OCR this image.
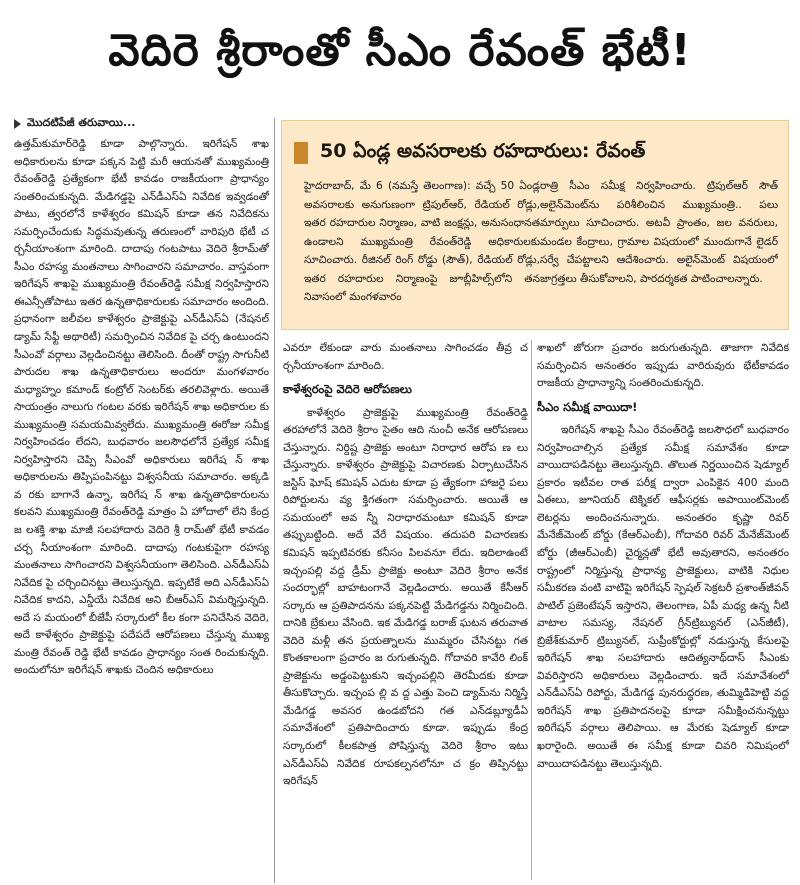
వెదిరె శ్రీరాంతో సీఎం రేవంత్ భేటీ!
మొదటిపేజీ తరువాయి...

ఉత్తమ్‌కుమార్‌రెడ్డి కూడా పాల్గొన్నారు. ఇరిగేషన్ శాఖ అధికారులను కూడా పక్కన పెట్టి మరీ ఆయనతో ముఖ్యమంత్రి రేవంత్‌రెడ్డి ప్రత్యేకంగా భేటీ కావడం రాజకీయంగా ప్రాధాన్యం సంతరించుకున్నది. మేడిగడ్డపై ఎన్‌డీఎస్ఏ నివేదిక ఇవ్వడంతో పాటు, త్వరలోనే కాళేశ్వరం కమిషన్ కూడా తన నివేదికను సమర్పించేందుకు సిద్ధమవుతున్న తరుణంలో వారిపురి భేటీ చ ర్చనీయాంశంగా మారింది. దాదాపు గంటపాటు వెదిరె శ్రీరామ్‌తో సీఎం రహస్య మంతనాలు సాగించారని సమాచారం. వాస్తవంగా ఇరిగేషన్ శాఖపై ముఖ్యమంత్రి రేవంత్‌రెడ్డి సమీక్ష నిర్వహిస్తారని ఈఎన్సీతోపాటు ఇతర ఉన్నతాధికారులకు సమాచారం అందింది. ప్రధానంగా జలీవల కాళేశ్వరం ప్రాజెక్టుపై ఎన్‌డీఎస్ఏ (నేషనల్ డ్యామ్ సేఫ్టీ అథారిటీ) సమర్పించిన నివేదిక పై చర్చ ఉంటుందని సీఎంవో వర్గాలు వెల్లడించినట్టు తెలిసింది. దీంతో రాష్ట్ర సాగునీటి పారుదల శాఖ ఉన్నతాధికారులు అందరూ మంగళవారం మధ్యాహ్నం కమాండ్ కంట్రోల్ సెంటర్‌కు తరలివెళ్లారు. అయితే సాయంత్రం నాలుగు గంటల వరకు ఇరిగేషన్ శాఖ అధికారుల కు ముఖ్యమంత్రి సమయమివ్వలేదు. ముఖ్యమంత్రి ఈరోజు సమీక్ష నిర్వహించడం లేదని, బుధవారం జలసౌధలోనే ప్రత్యేక సమీక్ష నిర్వహిస్తారని చెప్పి సీఎంవో అధికారులు ఇరిగేష న్ శాఖ అధికారులను తిప్పిపంపినట్టు విశ్వసనీయ సమాచారం. అక్కడి వ రకు బాగానే ఉన్నా, ఇరిగేష న్ శాఖ ఉన్నతాధికారులను కలవని ముఖ్యమంత్రి రేవంత్‌రెడ్డి మాత్రం ఏ హోదాలో లేని కేంద్ర జ లశక్తి శాఖ మాజీ సలహాదారు వెదిరె శ్రీ రామ్‌తో భేటీ కావడం చర్చ నీయాంశంగా మారింది. దాదాపు గంటకుపైగా రహస్య మంతనాలు సాగించారని విశ్వసనీయంగా తెలిసింది. ఎన్‌డీఎస్ఏ నివేదిక పై చర్చించినట్టు తెలుస్తున్నది. ఇప్పటికే అది ఎన్‌డీఎస్ఏ నివేదిక కాదని, ఎన్డీయే నివేదిక అని బీఆర్ఎస్ విమర్శిస్తున్నది. అదే స మయంలో బీజేపీ సర్కారులో కీల కంగా పనిచేసిన వెదిరె, అదే కాళేశ్వరం ప్రాజెక్టుపై పదేపదే ఆరోపణలు చేస్తున్న ముఖ్య మంత్రి రేవంత్ రెడ్డి భేటీ కావడం ప్రాధాన్యం సంత రించుకున్నది. అందులోనూ ఇరిగేషన్ శాఖకు చెందిన అధికారులు

50 ఏండ్ల అవసరాలకు రహదారులు: రేవంత్

హైదరాబాద్, మే 6 (నమస్తే తెలంగాణ): వచ్చే 50 ఏండ్ల అవసరాలకు అనుగుణంగా ట్రిపుల్ఆర్, రేడియల్ రోడ్లు, ఇతర రహదారుల నిర్మాణం, వాటి జంక్షన్లు, అనుసంధానత ఉండాలని ముఖ్యమంత్రి రేవంత్‌రెడ్డి అధికారులకు సూచించారు. రీజినల్ రింగ్ రోడ్డు (సౌత్), రేడియల్ రోడ్లు, ఇతర రహదారుల నిర్మాణంపై జూబ్లీహిల్స్‌లోని తన నివాసంలో మంగళవారం

రాత్రి సీఎం సమీక్ష నిర్వహించారు. ట్రిపుల్ఆర్ సౌత్ అలైన్‌మెంట్‌ను పరిశీలించిన ముఖ్యమంత్రి.. పలు మార్పులు సూచించారు. అటవీ ప్రాంతం, జల వనరులు, మండల కేంద్రాలు, గ్రామాల విషయంలో ముందుగానే లైడర్ సర్వే చేపట్టాలని ఆదేశించారు. అలైన్‌మెంట్ విషయంలో జాగ్రత్తలు తీసుకోవాలని, పారదర్శకత పాటించాలన్నారు.

ఎవరూ లేకుండా వారు మంతనాలు సాగించడం తీవ్ర చ ర్చనీయాంశంగా మారింది.

కాళేశ్వరంపై వెదిరె ఆరోపణలు

కాళేశ్వరం ప్రాజెక్టుపై ముఖ్యమంత్రి రేవంత్‌రెడ్డి తరహాలోనే వెదిరె శ్రీరాం సైతం ఆది నుంచీ అనేక ఆరోపణలు చేస్తున్నారు. నిర్దిష్ట ప్రాజెక్టు అంటూ నిరాధార ఆరోప ణ లు చేస్తున్నారు. కాళేశ్వరం ప్రాజెక్టుపై విచారణకు ఏర్పాటుచేసిన జస్టిస్ ఘోష్ కమిషన్ ఎదుట కూడా ప్ర త్యేకంగా హాజరై పలు రిపోర్టులను వ్య క్తిగతంగా సమర్పించారు. అయితే ఆ సమయంలో అవ న్నీ నిరాధారమంటూ కమిషన్ కూడా తప్పుబట్టింది. అదే వేరే విషయం. తదుపరి విచారణకు కమిషన్ ఇప్పటివరకు కనీసం పిలవనూ లేదు. ఇదిలాఉంటే ఇచ్చంపల్లి వద్ద డ్రీమ్ ప్రాజెక్టు అంటూ వెదిరె శ్రీరాం అనేక సందర్భాల్లో బాహటంగానే వెల్లడించారు. అయితే కేసీఆర్ సర్కారు ఆ ప్రతిపాదనను పక్కనపెట్టి మేడిగడ్డను నిర్మించింది. దానికి బ్రేకులు వేసింది. ఇక మేడిగడ్డ బరాజ్ ఘటన తరువాత వెదిరె మళ్లీ తన ప్రయత్నాలను ముమ్మరం చేసినట్టు గత కొంతకాలంగా ప్రచారం జ రుగుతున్నది. గోదావరి కావేరి లింక్ ప్రాజెక్టును అడ్డంపెట్టుకుని ఇచ్చంపల్లిని తెరమీదకు కూడా తీసుకొచ్చారు. ఇచ్చంప ల్లి వ ద్ద ఎత్తు పెంచి డ్యామ్‌ను నిర్మిస్తే మేడిగడ్డ అవసర ఉండబోదని గత ఎన్‌డబ్ల్యూడీఏ సమావేశంలో ప్రతిపాదించారు కూడా. ఇప్పుడు కేంద్ర సర్కారులో కీలకపాత్ర పోషిస్తున్న వెదిరె శ్రీరాం ఇటు ఎన్‌డీఎస్ఏ నివేదిక రూపకల్పనలోనూ చ క్రం తిప్పినట్టు ఇరిగేషన్

శాఖలో జోరుగా ప్రచారం జరుగుతున్నది. తాజాగా నివేదిక సమర్పించిన అనంతరం ఇప్పుడు వారిరువురు భేటీకావడం రాజకీయ ప్రాధాన్యాన్ని సంతరించుకున్నది.

సీఎం సమీక్ష వాయిదా!

ఇరిగేషన్ శాఖపై సీఎం రేవంత్‌రెడ్డి జలసౌధలో బుధవారం నిర్వహించాల్సిన ప్రత్యేక సమీక్ష సమావేశం కూడా వాయిదాపడినట్టు తెలుస్తున్నది. తొలుత నిర్ణయించిన షెడ్యూల్ ప్రకారం ఇటీవల రాత పరీక్ష ద్వారా ఎంపికైన 400 మంది ఏఈలు, జూనియర్ టెక్నికల్ ఆఫీసర్లకు అపాయింట్‌మెంట్ లెటర్లను అందించనున్నారు. అనంతరం కృష్ణా రివర్ మేనేజ్‌మెంట్ బోర్డు (కేఆర్ఎంబీ), గోదావరి రివర్ మేనేజ్‌మెంట్ బోర్డు (జీఆర్ఎంబీ) చైర్మన్లతో భేటీ అవుతారని, అనంతరం రాష్ట్రంలో నిర్మిస్తున్న ప్రాధాన్య ప్రాజెక్టులు, వాటికి నిధుల సమీకరణ వంటి వాటిపై ఇరిగేషన్ స్పెషల్ సెక్రటరీ ప్రశాంత్‌జీవన్ పాటిల్ ప్రజెంటేషన్ ఇస్తారని, తెలంగాణ, ఏపీ మధ్య ఉన్న నీటి వాటాల సమస్య, నేషనల్ గ్రీన్‌ట్రిబ్యునల్ (ఎన్‌జీటీ), బ్రిజేశ్‌కుమార్ ట్రిబ్యునల్, సుప్రీంకోర్టుల్లో నడుస్తున్న కేసులపై ఇరిగేషన్ శాఖ సలహాదారు ఆదిత్యనాథ్‌దాస్ సీఎంకు వివరిస్తారని అధికారులు వెల్లడించారు. ఇదే సమావేశంలో ఎన్‌డీఎస్ఏ రిపోర్టు, మేడిగడ్డ పునరుద్ధరణ, తుమ్మిడిహెట్టి వద్ద ఇరిగేషన్ శాఖ ప్రతిపాదనలపై కూడా సమీక్షించనున్నట్టు ఇరిగేషన్ వర్గాలు తెలిపాయి. ఆ మేరకు షెడ్యూల్ కూడా ఖరారైంది. అయితే ఈ సమీక్ష కూడా చివరి నిమిషంలో వాయిదాపడినట్టు తెలుస్తున్నది.
